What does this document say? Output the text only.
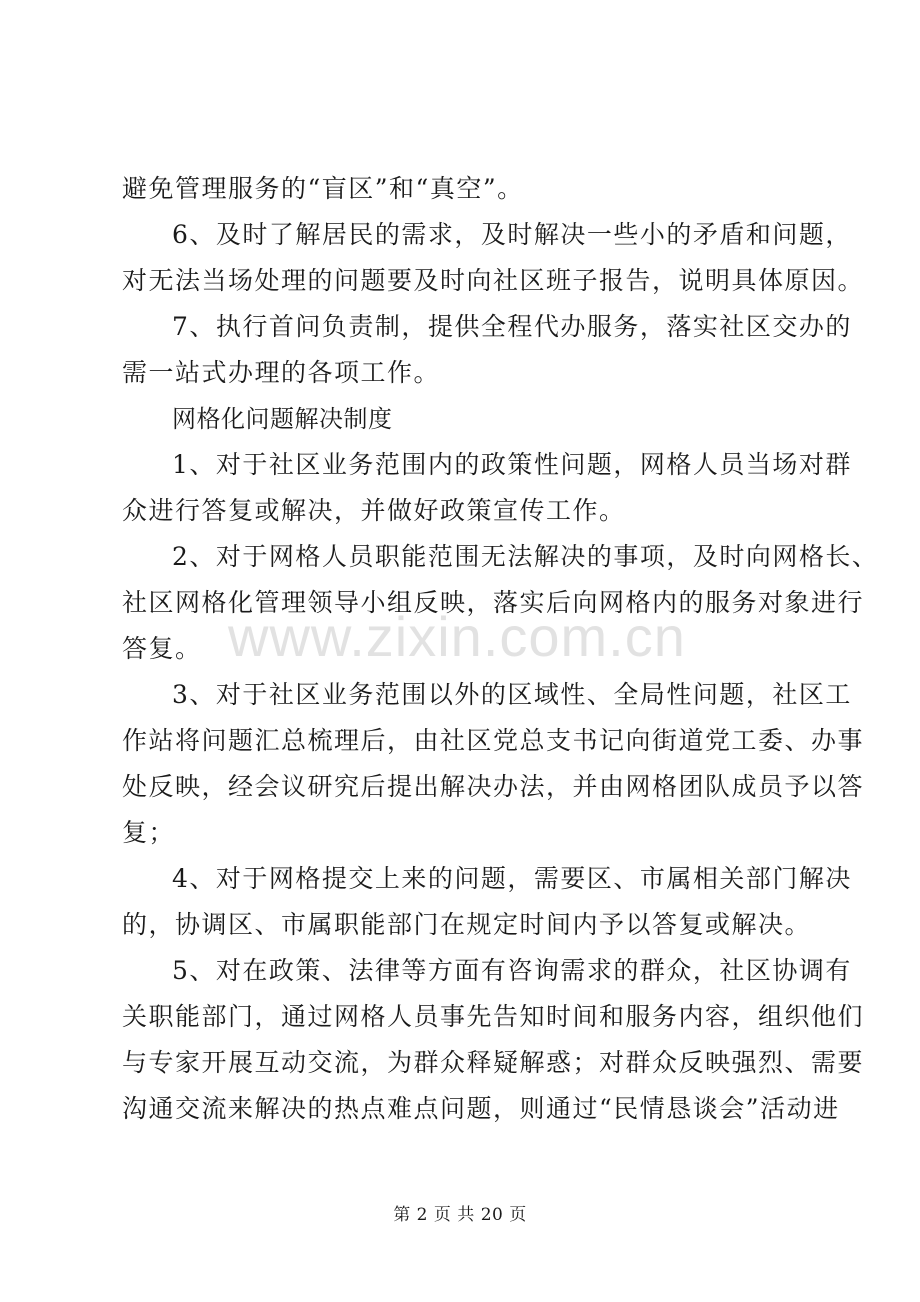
避免管理服务的“盲区”和“真空”。
6、及时了解居民的需求，及时解决一些小的矛盾和问题，
对无法当场处理的问题要及时向社区班子报告，说明具体原因。
7、执行首问负责制，提供全程代办服务，落实社区交办的
需一站式办理的各项工作。
网格化问题解决制度
1、对于社区业务范围内的政策性问题，网格人员当场对群
众进行答复或解决，并做好政策宣传工作。
2、对于网格人员职能范围无法解决的事项，及时向网格长、
社区网格化管理领导小组反映，落实后向网格内的服务对象进行
答复。
3、对于社区业务范围以外的区域性、全局性问题，社区工
作站将问题汇总梳理后，由社区党总支书记向街道党工委、办事
处反映，经会议研究后提出解决办法，并由网格团队成员予以答
复；
4、对于网格提交上来的问题，需要区、市属相关部门解决
的，协调区、市属职能部门在规定时间内予以答复或解决。
5、对在政策、法律等方面有咨询需求的群众，社区协调有
关职能部门，通过网格人员事先告知时间和服务内容，组织他们
与专家开展互动交流，为群众释疑解惑；对群众反映强烈、需要
沟通交流来解决的热点难点问题，则通过“民情恳谈会”活动进
www.zixin.com.cn
第 2 页 共 20 页
